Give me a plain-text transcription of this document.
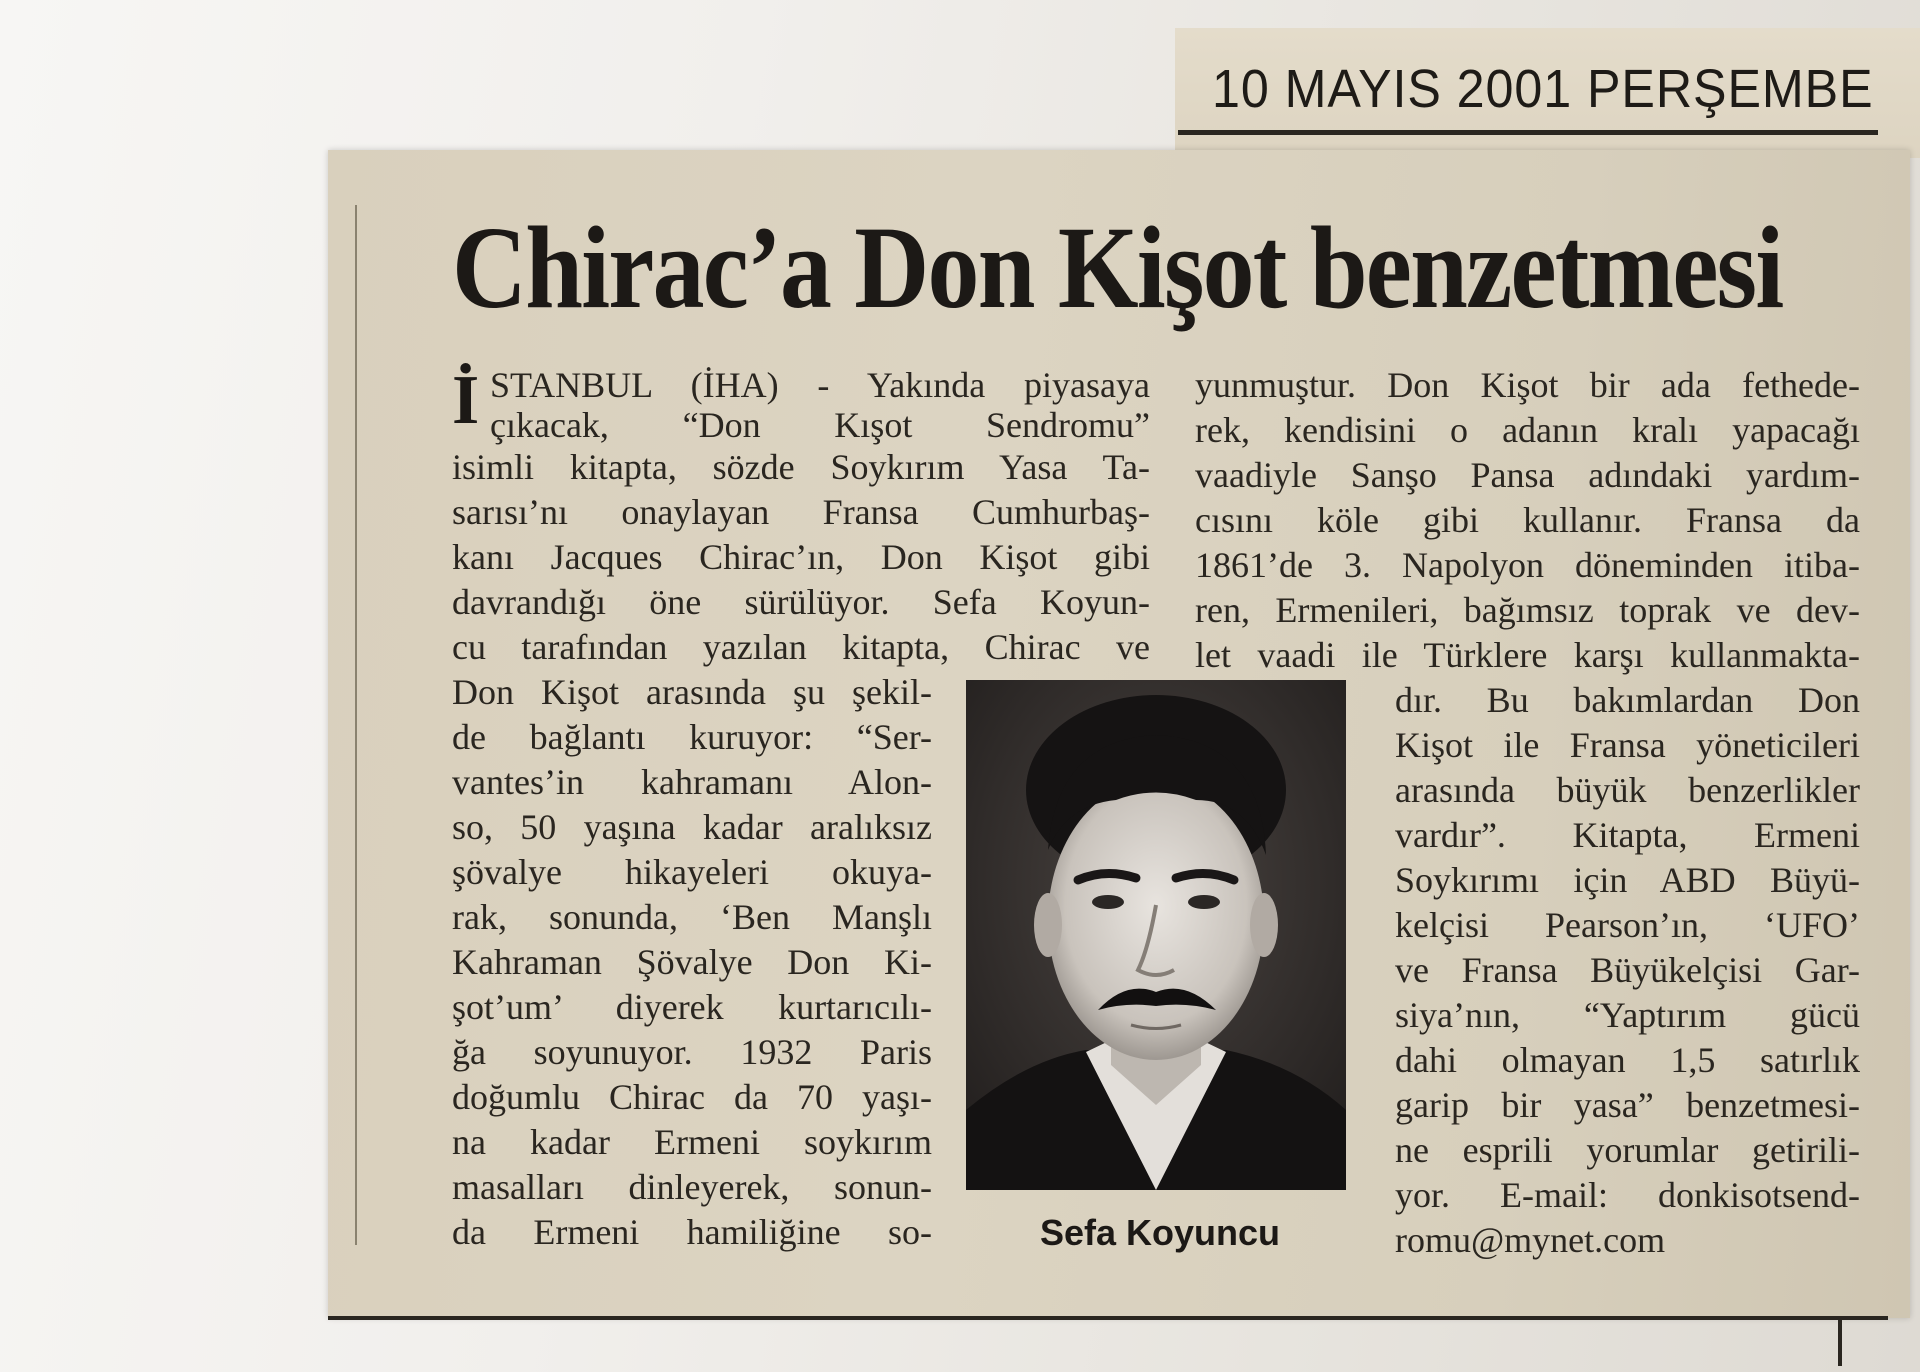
10 MAYIS 2001 PERŞEMBE
Chirac’a Don Kişot benzetmesi
İ STANBUL (İHA) - Yakında piyasaya
çıkacak, “Don Kışot Sendromu”
isimli kitapta, sözde Soykırım Yasa Ta-
sarısı’nı onaylayan Fransa Cumhurbaş-
kanı Jacques Chirac’ın, Don Kişot gibi
davrandığı öne sürülüyor. Sefa Koyun-
cu tarafından yazılan kitapta, Chirac ve
Don Kişot arasında şu şekil-
de bağlantı kuruyor: “Ser-
vantes’in kahramanı Alon-
so, 50 yaşına kadar aralıksız
şövalye hikayeleri okuya-
rak, sonunda, ‘Ben Manşlı
Kahraman Şövalye Don Ki-
şot’um’ diyerek kurtarıcılı-
ğa soyunuyor. 1932 Paris
doğumlu Chirac da 70 yaşı-
na kadar Ermeni soykırım
masalları dinleyerek, sonun-
da Ermeni hamiliğine so-
yunmuştur. Don Kişot bir ada fethede-
rek, kendisini o adanın kralı yapacağı
vaadiyle Sanşo Pansa adındaki yardım-
cısını köle gibi kullanır. Fransa da
1861’de 3. Napolyon döneminden itiba-
ren, Ermenileri, bağımsız toprak ve dev-
let vaadi ile Türklere karşı kullanmakta-
dır. Bu bakımlardan Don
Kişot ile Fransa yöneticileri
arasında büyük benzerlikler
vardır”. Kitapta, Ermeni
Soykırımı için ABD Büyü-
kelçisi Pearson’ın, ‘UFO’
ve Fransa Büyükelçisi Gar-
siya’nın, “Yaptırım gücü
dahi olmayan 1,5 satırlık
garip bir yasa” benzetmesi-
ne esprili yorumlar getirili-
yor. E-mail: donkisotsend-
romu@mynet.com
Sefa Koyuncu
